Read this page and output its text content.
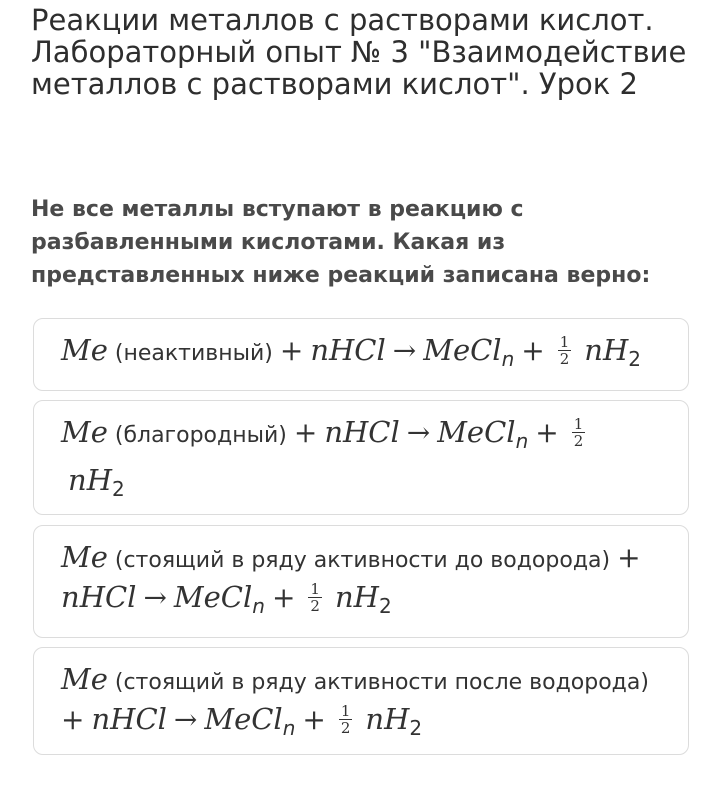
Реакции металлов с растворами кислот. Лабораторный опыт № 3 "Взаимодействие металлов с растворами кислот". Урок 2
Не все металлы вступают в реакцию с разбавленными кислотами. Какая из представленных ниже реакций записана верно:
Me (неактивный) + nHCl → $MeCln + \frac{1}{2} nH2$
Me (благородный) + nHCl → $MeCln + \frac{1}{2}$
nH2
Me (стоящий в ряду активности до водорода) +
nHCl → $MeCln + \frac{1}{2} nH2$
Me (стоящий в ряду активности после водорода)
+ nHCl → $MeCln + \frac{1}{2} nH2$
